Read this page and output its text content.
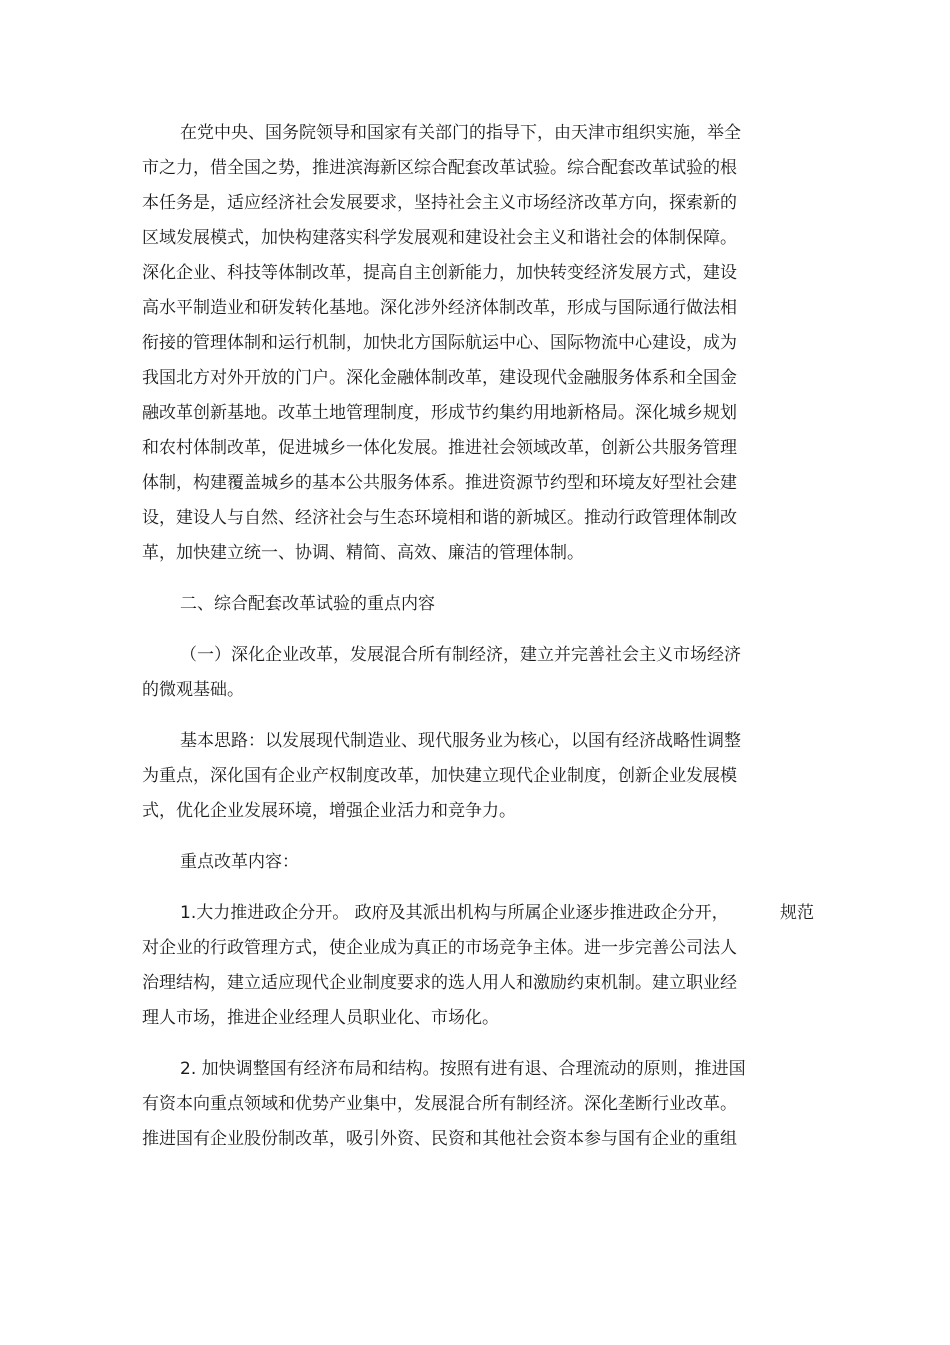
在党中央、国务院领导和国家有关部门的指导下，由天津市组织实施，举全
市之力，借全国之势，推进滨海新区综合配套改革试验。综合配套改革试验的根
本任务是，适应经济社会发展要求，坚持社会主义市场经济改革方向，探索新的
区域发展模式，加快构建落实科学发展观和建设社会主义和谐社会的体制保障。
深化企业、科技等体制改革，提高自主创新能力，加快转变经济发展方式，建设
高水平制造业和研发转化基地。深化涉外经济体制改革，形成与国际通行做法相
衔接的管理体制和运行机制，加快北方国际航运中心、国际物流中心建设，成为
我国北方对外开放的门户。深化金融体制改革，建设现代金融服务体系和全国金
融改革创新基地。改革土地管理制度，形成节约集约用地新格局。深化城乡规划
和农村体制改革，促进城乡一体化发展。推进社会领域改革，创新公共服务管理
体制，构建覆盖城乡的基本公共服务体系。推进资源节约型和环境友好型社会建
设，建设人与自然、经济社会与生态环境相和谐的新城区。推动行政管理体制改
革，加快建立统一、协调、精简、高效、廉洁的管理体制。
二、综合配套改革试验的重点内容
（一）深化企业改革，发展混合所有制经济，建立并完善社会主义市场经济
的微观基础。
基本思路：以发展现代制造业、现代服务业为核心，以国有经济战略性调整
为重点，深化国有企业产权制度改革，加快建立现代企业制度，创新企业发展模
式，优化企业发展环境，增强企业活力和竞争力。
重点改革内容：
1.大力推进政企分开。 政府及其派出机构与所属企业逐步推进政企分开，	规范
对企业的行政管理方式，使企业成为真正的市场竞争主体。进一步完善公司法人
治理结构，建立适应现代企业制度要求的选人用人和激励约束机制。建立职业经
理人市场，推进企业经理人员职业化、市场化。
2. 加快调整国有经济布局和结构。按照有进有退、合理流动的原则，推进国
有资本向重点领域和优势产业集中，发展混合所有制经济。深化垄断行业改革。
推进国有企业股份制改革，吸引外资、民资和其他社会资本参与国有企业的重组
